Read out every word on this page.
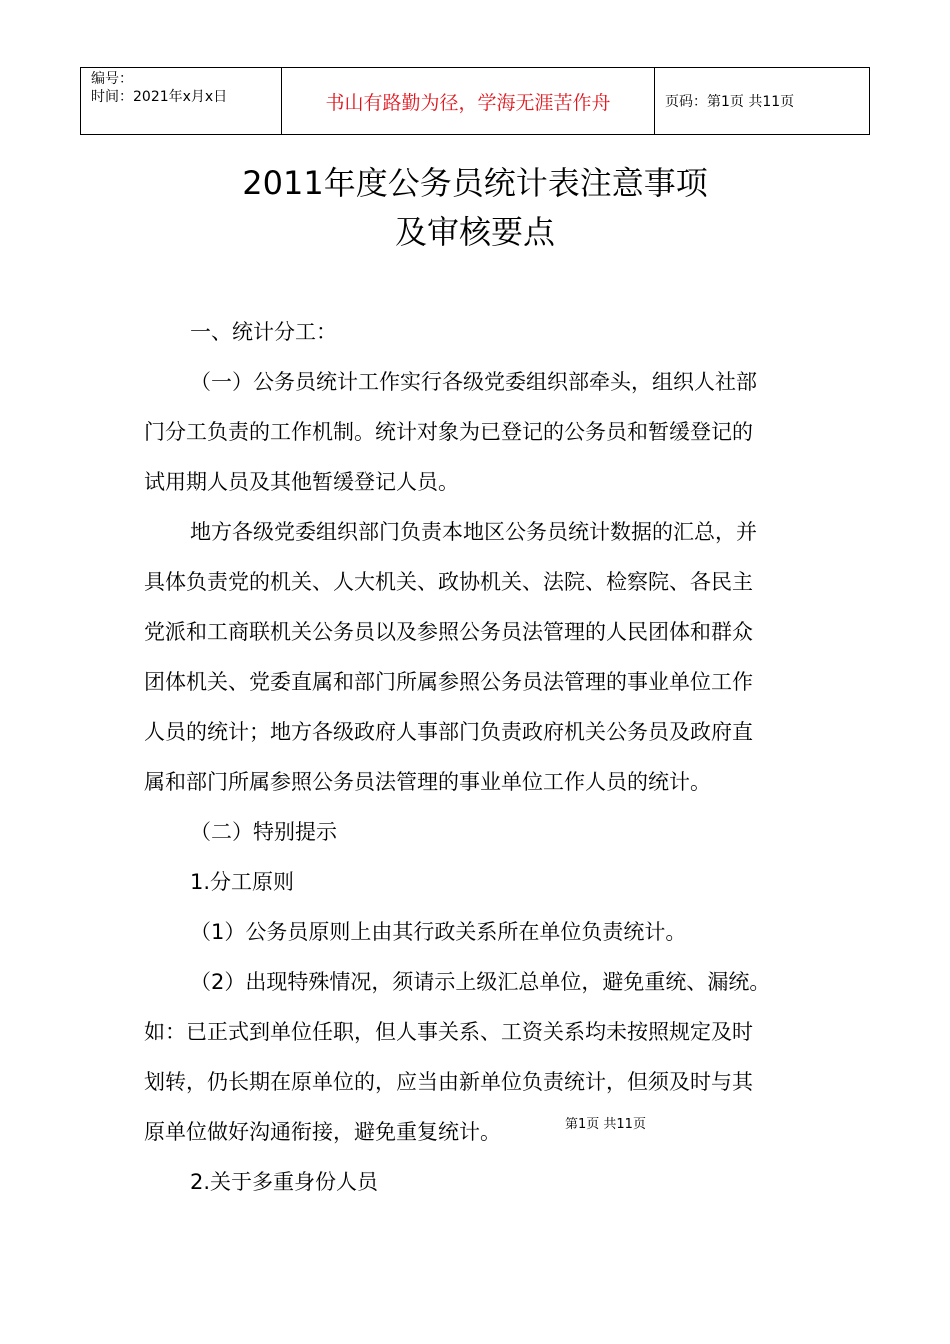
编号：
时间：2021年x月x日	书山有路勤为径，学海无涯苦作舟	页码：第1页 共11页
2011年度公务员统计表注意事项
及审核要点
一、统计分工：
（一）公务员统计工作实行各级党委组织部牵头，组织人社部
门分工负责的工作机制。统计对象为已登记的公务员和暂缓登记的
试用期人员及其他暂缓登记人员。
地方各级党委组织部门负责本地区公务员统计数据的汇总，并
具体负责党的机关、人大机关、政协机关、法院、检察院、各民主
党派和工商联机关公务员以及参照公务员法管理的人民团体和群众
团体机关、党委直属和部门所属参照公务员法管理的事业单位工作
人员的统计；地方各级政府人事部门负责政府机关公务员及政府直
属和部门所属参照公务员法管理的事业单位工作人员的统计。
（二）特别提示
1.分工原则
（1）公务员原则上由其行政关系所在单位负责统计。
（2）出现特殊情况，须请示上级汇总单位，避免重统、漏统。
如：已正式到单位任职，但人事关系、工资关系均未按照规定及时
划转，仍长期在原单位的，应当由新单位负责统计，但须及时与其
原单位做好沟通衔接，避免重复统计。
2.关于多重身份人员
第1页 共11页
